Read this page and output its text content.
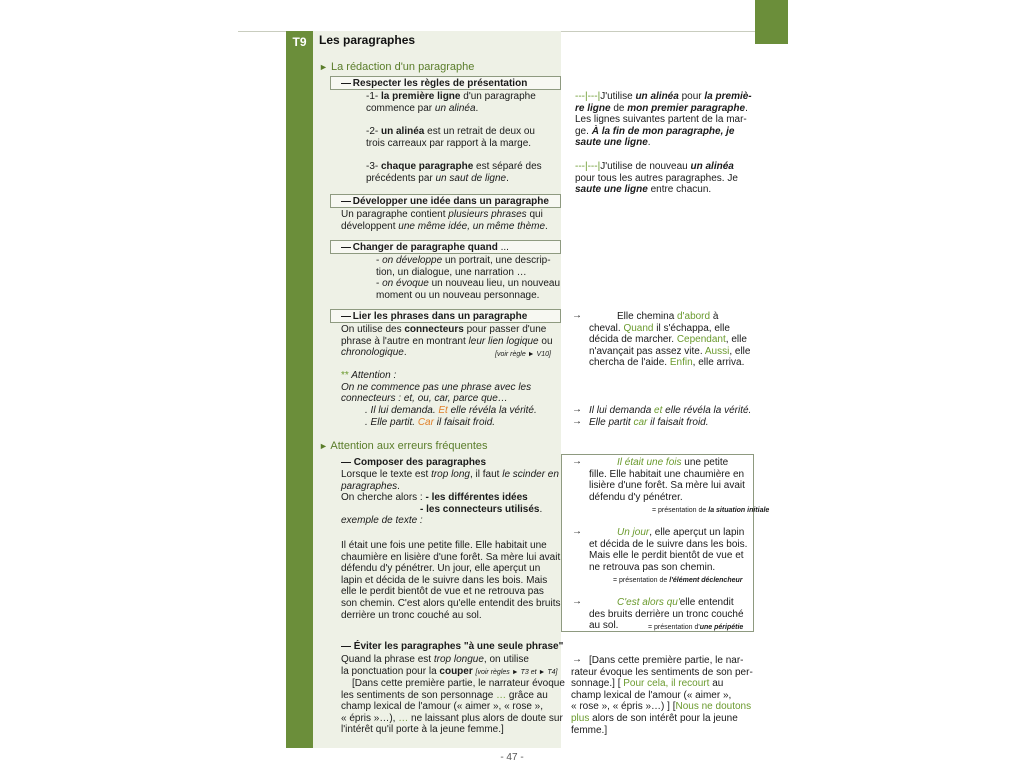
T9	Les paragraphes
► La rédaction d'un paragraphe
— Respecter les règles de présentation
-1- la première ligne d'un paragraphe
commence par un alinéa.
-2- un alinéa est un retrait de deux ou
trois carreaux par rapport à la marge.
-3- chaque paragraphe est séparé des
précédents par un saut de ligne.
---|---|J'utilise un alinéa pour la premiè-
re ligne de mon premier paragraphe.
Les lignes suivantes partent de la mar-
ge. À la fin de mon paragraphe, je
saute une ligne.
---|---|J'utilise de nouveau un alinéa
pour tous les autres paragraphes. Je
saute une ligne entre chacun.
— Développer une idée dans un paragraphe
Un paragraphe contient plusieurs phrases qui
développent une même idée, un même thème.
— Changer de paragraphe quand ...
- on développe un portrait, une descrip-
tion, un dialogue, une narration …
- on évoque un nouveau lieu, un nouveau
moment ou un nouveau personnage.
— Lier les phrases dans un paragraphe
On utilise des connecteurs pour passer d'une
phrase à l'autre en montrant leur lien logique ou
chronologique.	[voir règle ► V10]
** Attention :
On ne commence pas une phrase avec les
connecteurs : et, ou, car, parce que…
. Il lui demanda. Et elle révéla la vérité.
. Elle partit. Car il faisait froid.
→	Elle chemina d'abord à
cheval. Quand il s'échappa, elle
décida de marcher. Cependant, elle
n'avançait pas assez vite. Aussi, elle
chercha de l'aide. Enfin, elle arriva.
→
→
Il lui demanda et elle révéla la vérité.
Elle partit car il faisait froid.
► Attention aux erreurs fréquentes
— Composer des paragraphes
Lorsque le texte est trop long, il faut le scinder en
paragraphes.
On cherche alors : - les différentes idées
- les connecteurs utilisés.
exemple de texte :
Il était une fois une petite fille. Elle habitait une
chaumière en lisière d'une forêt. Sa mère lui avait
défendu d'y pénétrer. Un jour, elle aperçut un
lapin et décida de le suivre dans les bois. Mais
elle le perdit bientôt de vue et ne retrouva pas
son chemin. C'est alors qu'elle entendit des bruits
derrière un tronc couché au sol.
→	Il était une fois une petite
fille. Elle habitait une chaumière en
lisière d'une forêt. Sa mère lui avait
défendu d'y pénétrer.
= présentation de la situation initiale
→	Un jour, elle aperçut un lapin
et décida de le suivre dans les bois.
Mais elle le perdit bientôt de vue et
ne retrouva pas son chemin.
= présentation de l'élément déclencheur
→	C'est alors qu'elle entendit
des bruits derrière un tronc couché
au sol.	= présentation d'une péripétie
— Éviter les paragraphes "à une seule phrase"
Quand la phrase est trop longue, on utilise
la ponctuation pour la couper [voir règles ► T3 et ► T4]
[Dans cette première partie, le narrateur évoque
les sentiments de son personnage … grâce au
champ lexical de l'amour (« aimer », « rose »,
« épris »…), … ne laissant plus alors de doute sur
l'intérêt qu'il porte à la jeune femme.]
→ [Dans cette première partie, le nar-
rateur évoque les sentiments de son per-
sonnage.] [ Pour cela, il recourt au
champ lexical de l'amour (« aimer »,
« rose », « épris »…) ] [Nous ne doutons
plus alors de son intérêt pour la jeune
femme.]
- 47 -
